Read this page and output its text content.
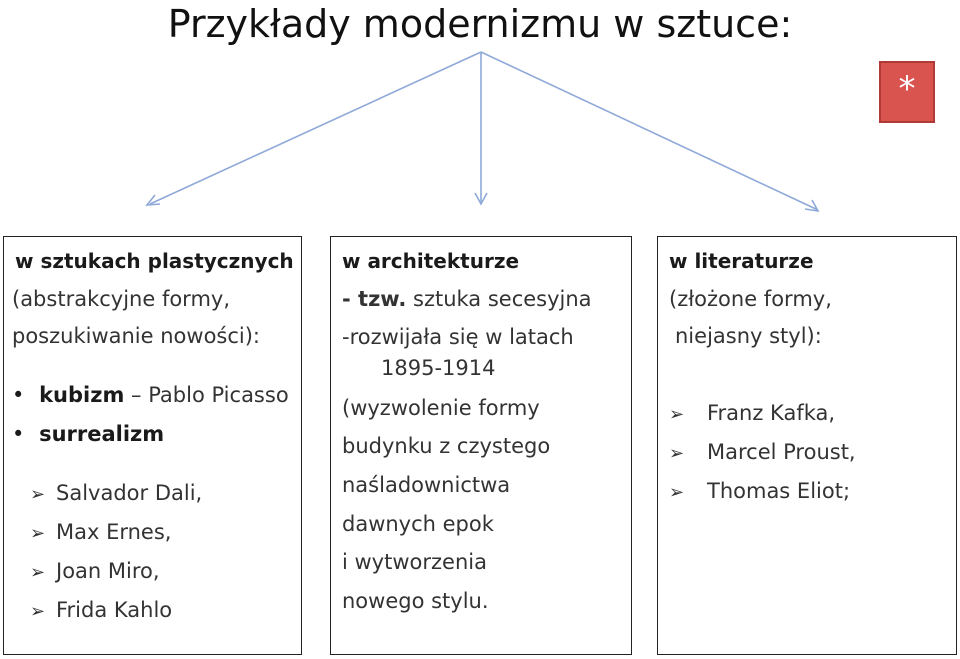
Przykłady modernizmu w sztuce:
*
w sztukach plastycznych
(abstrakcyjne formy,
poszukiwanie nowości):
• kubizm – Pablo Picasso
• surrealizm
➢ Salvador Dali,
➢ Max Ernes,
➢ Joan Miro,
➢ Frida Kahlo
w architekturze
- tzw. sztuka secesyjna
-rozwijała się w latach
1895-1914
(wyzwolenie formy
budynku z czystego
naśladownictwa
dawnych epok
i wytworzenia
nowego stylu.
w literaturze
(złożone formy,
niejasny styl):
➢ Franz Kafka,
➢ Marcel Proust,
➢ Thomas Eliot;
